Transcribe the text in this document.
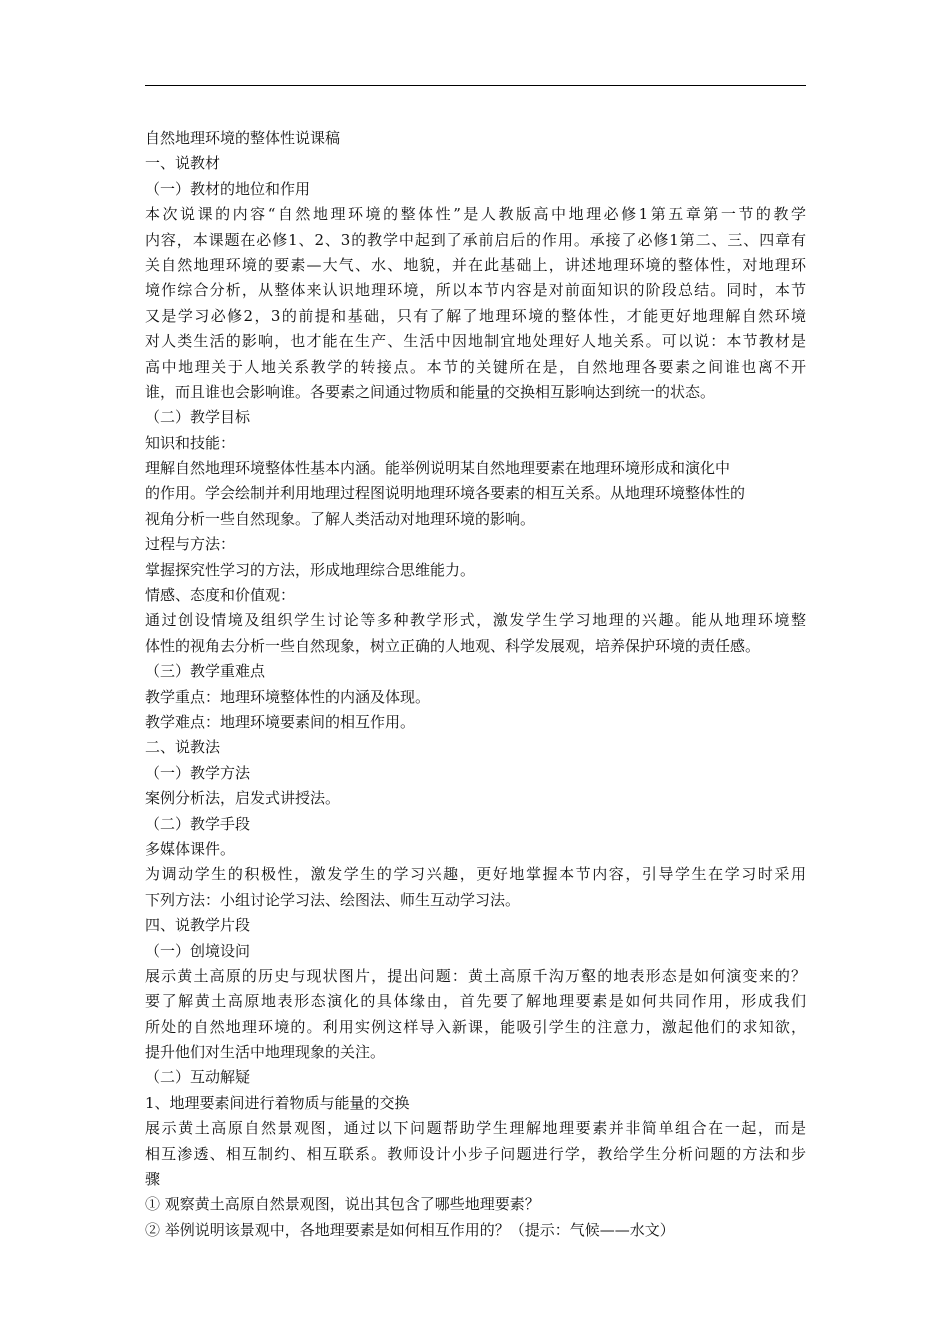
自然地理环境的整体性说课稿
一、说教材
（一）教材的地位和作用
本次说课的内容“自然地理环境的整体性”是人教版高中地理必修1第五章第一节的教学
内容，本课题在必修1、2、3的教学中起到了承前启后的作用。承接了必修1第二、三、四章有
关自然地理环境的要素—大气、水、地貌，并在此基础上，讲述地理环境的整体性，对地理环
境作综合分析，从整体来认识地理环境，所以本节内容是对前面知识的阶段总结。同时，本节
又是学习必修2，3的前提和基础，只有了解了地理环境的整体性，才能更好地理解自然环境
对人类生活的影响，也才能在生产、生活中因地制宜地处理好人地关系。可以说：本节教材是
高中地理关于人地关系教学的转接点。本节的关键所在是，自然地理各要素之间谁也离不开
谁，而且谁也会影响谁。各要素之间通过物质和能量的交换相互影响达到统一的状态。
（二）教学目标
知识和技能：
理解自然地理环境整体性基本内涵。能举例说明某自然地理要素在地理环境形成和演化中
的作用。学会绘制并利用地理过程图说明地理环境各要素的相互关系。从地理环境整体性的
视角分析一些自然现象。了解人类活动对地理环境的影响。
过程与方法：
掌握探究性学习的方法，形成地理综合思维能力。
情感、态度和价值观：
通过创设情境及组织学生讨论等多种教学形式，激发学生学习地理的兴趣。能从地理环境整
体性的视角去分析一些自然现象，树立正确的人地观、科学发展观，培养保护环境的责任感。
（三）教学重难点
教学重点：地理环境整体性的内涵及体现。
教学难点：地理环境要素间的相互作用。
二、说教法
（一）教学方法
案例分析法，启发式讲授法。
（二）教学手段
多媒体课件。
为调动学生的积极性，激发学生的学习兴趣，更好地掌握本节内容，引导学生在学习时采用
下列方法：小组讨论学习法、绘图法、师生互动学习法。
四、说教学片段
（一）创境设问
展示黄土高原的历史与现状图片，提出问题：黄土高原千沟万壑的地表形态是如何演变来的？
要了解黄土高原地表形态演化的具体缘由，首先要了解地理要素是如何共同作用，形成我们
所处的自然地理环境的。利用实例这样导入新课，能吸引学生的注意力，激起他们的求知欲，
提升他们对生活中地理现象的关注。
（二）互动解疑
1、地理要素间进行着物质与能量的交换
展示黄土高原自然景观图，通过以下问题帮助学生理解地理要素并非简单组合在一起，而是
相互渗透、相互制约、相互联系。教师设计小步子问题进行学，教给学生分析问题的方法和步
骤
① 观察黄土高原自然景观图，说出其包含了哪些地理要素？
② 举例说明该景观中，各地理要素是如何相互作用的？（提示：气候——水文）
